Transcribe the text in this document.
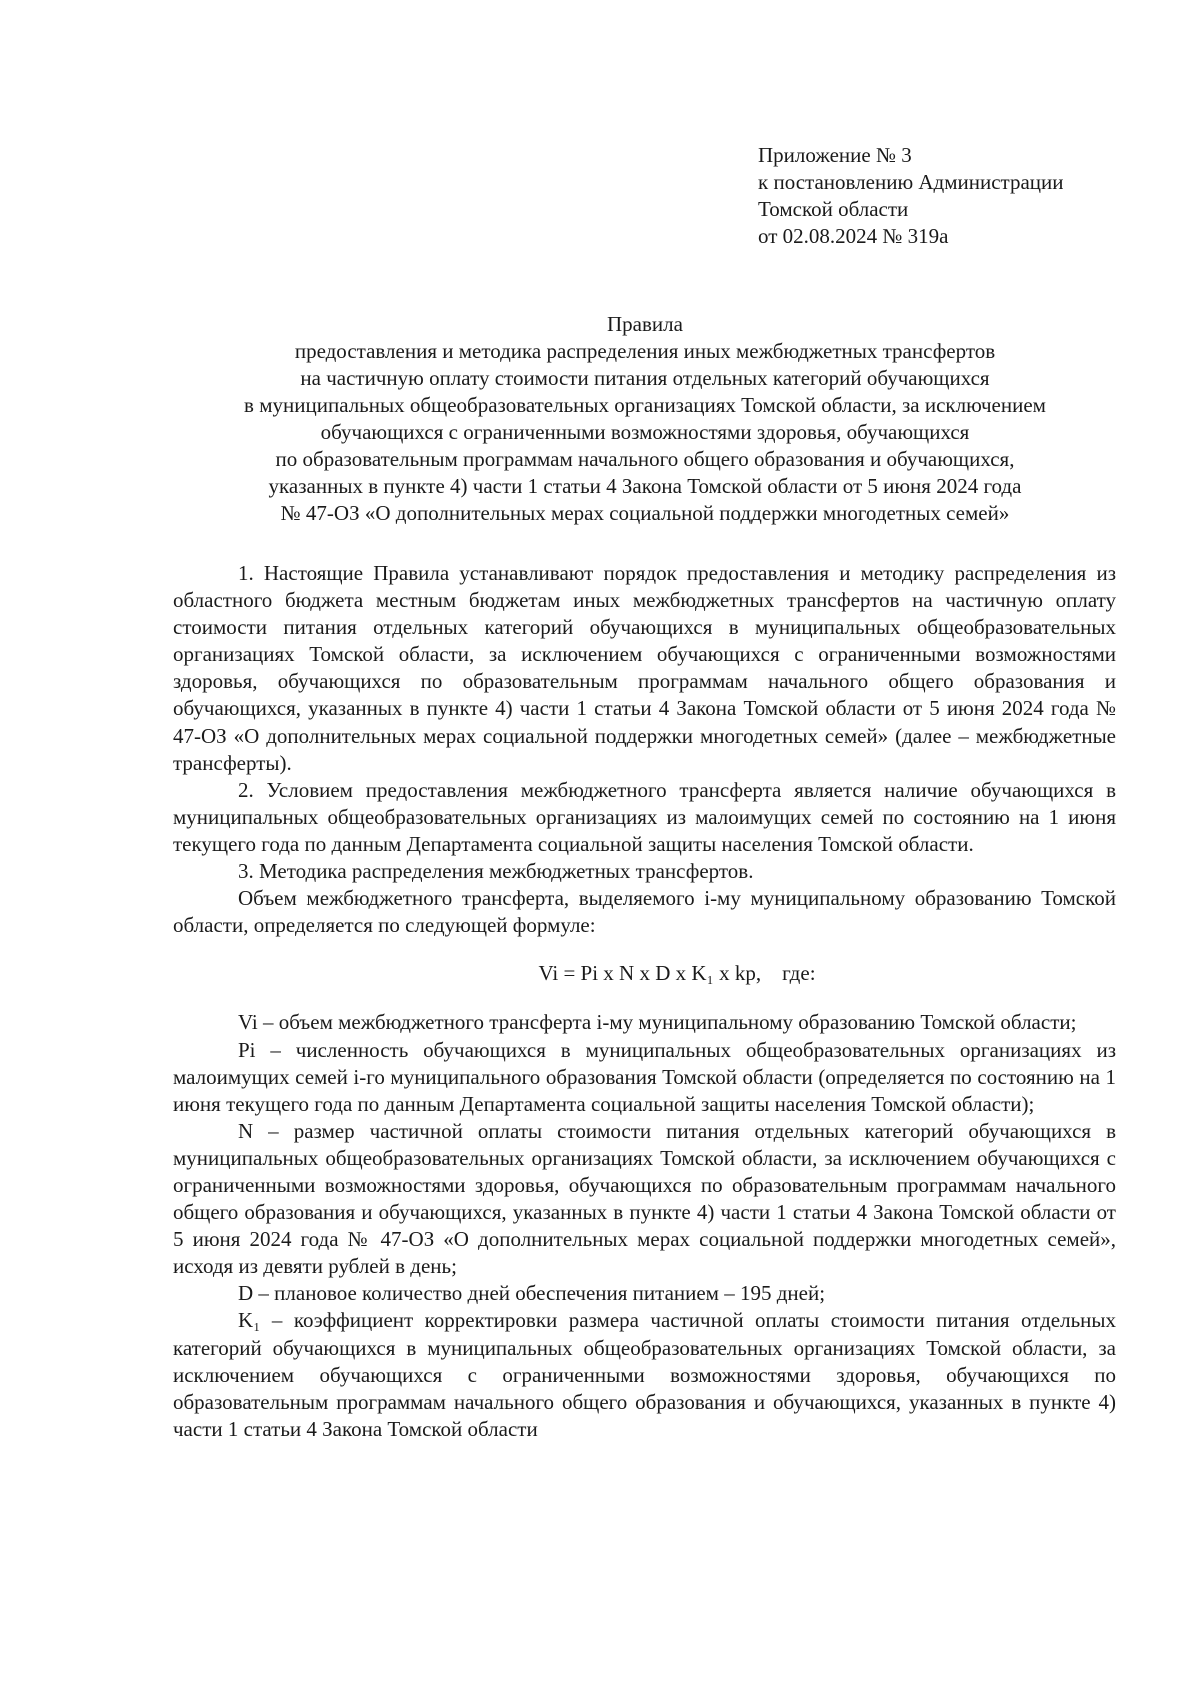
Приложение № 3
к постановлению Администрации
Томской области
от 02.08.2024 № 319а
Правила
предоставления и методика распределения иных межбюджетных трансфертов
на частичную оплату стоимости питания отдельных категорий обучающихся
в муниципальных общеобразовательных организациях Томской области, за исключением
обучающихся с ограниченными возможностями здоровья, обучающихся
по образовательным программам начального общего образования и обучающихся,
указанных в пункте 4) части 1 статьи 4 Закона Томской области от 5 июня 2024 года
№ 47-ОЗ «О дополнительных мерах социальной поддержки многодетных семей»

1. Настоящие Правила устанавливают порядок предоставления и методику распределения из областного бюджета местным бюджетам иных межбюджетных трансфертов на частичную оплату стоимости питания отдельных категорий обучающихся в муниципальных общеобразовательных организациях Томской области, за исключением обучающихся с ограниченными возможностями здоровья, обучающихся по образовательным программам начального общего образования и обучающихся, указанных в пункте 4) части 1 статьи 4 Закона Томской области от 5 июня 2024 года № 47-ОЗ «О дополнительных мерах социальной поддержки многодетных семей» (далее – межбюджетные трансферты).

2. Условием предоставления межбюджетного трансферта является наличие обучающихся в муниципальных общеобразовательных организациях из малоимущих семей по состоянию на 1 июня текущего года по данным Департамента социальной защиты населения Томской области.

3. Методика распределения межбюджетных трансфертов.

Объем межбюджетного трансферта, выделяемого i-му муниципальному образованию Томской области, определяется по следующей формуле:

Vi = Pi x N x D x K₁ x kp,    где:

Vi – объем межбюджетного трансферта i-му муниципальному образованию Томской области;

Pi – численность обучающихся в муниципальных общеобразовательных организациях из малоимущих семей i-го муниципального образования Томской области (определяется по состоянию на 1 июня текущего года по данным Департамента социальной защиты населения Томской области);

N – размер частичной оплаты стоимости питания отдельных категорий обучающихся в муниципальных общеобразовательных организациях Томской области, за исключением обучающихся с ограниченными возможностями здоровья, обучающихся по образовательным программам начального общего образования и обучающихся, указанных в пункте 4) части 1 статьи 4 Закона Томской области от 5 июня 2024 года № 47-ОЗ «О дополнительных мерах социальной поддержки многодетных семей», исходя из девяти рублей в день;

D – плановое количество дней обеспечения питанием – 195 дней;

K₁ – коэффициент корректировки размера частичной оплаты стоимости питания отдельных категорий обучающихся в муниципальных общеобразовательных организациях Томской области, за исключением обучающихся с ограниченными возможностями здоровья, обучающихся по образовательным программам начального общего образования и обучающихся, указанных в пункте 4) части 1 статьи 4 Закона Томской области
